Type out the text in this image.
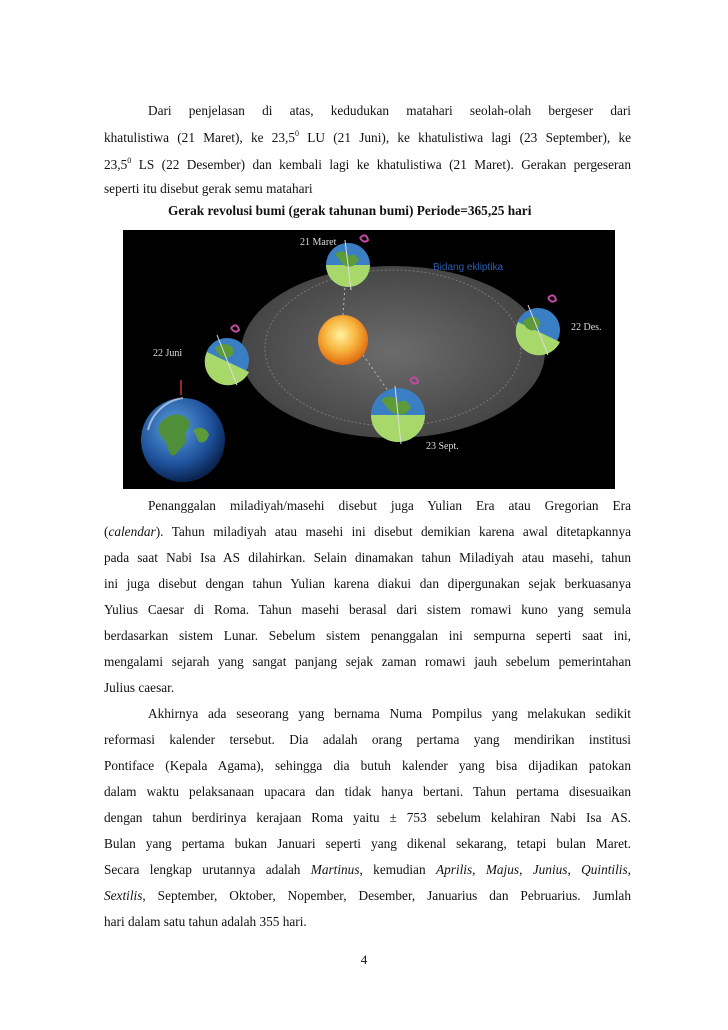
Dari penjelasan di atas, kedudukan matahari seolah-olah bergeser dari
khatulistiwa (21 Maret), ke 23,5$^0$ LU (21 Juni), ke khatulistiwa lagi (23 September), ke
23,5$^0$ LS (22 Desember) dan kembali lagi ke khatulistiwa (21 Maret). Gerakan pergeseran
seperti itu disebut gerak semu matahari
Gerak revolusi bumi (gerak tahunan bumi) Periode=365,25 hari
21 Maret
22 Juni
22 Des.
23 Sept.
Bidang ekliptika
Penanggalan miladiyah/masehi disebut juga Yulian Era atau Gregorian Era
(calendar). Tahun miladiyah atau masehi ini disebut demikian karena awal ditetapkannya
pada saat Nabi Isa AS dilahirkan. Selain dinamakan tahun Miladiyah atau masehi, tahun
ini juga disebut dengan tahun Yulian karena diakui dan dipergunakan sejak berkuasanya
Yulius Caesar di Roma. Tahun masehi berasal dari sistem romawi kuno yang semula
berdasarkan sistem Lunar. Sebelum sistem penanggalan ini sempurna seperti saat ini,
mengalami sejarah yang sangat panjang sejak zaman romawi jauh sebelum pemerintahan
Julius caesar.
Akhirnya ada seseorang yang bernama Numa Pompilus yang melakukan sedikit
reformasi kalender tersebut. Dia adalah orang pertama yang mendirikan institusi
Pontiface (Kepala Agama), sehingga dia butuh kalender yang bisa dijadikan patokan
dalam waktu pelaksanaan upacara dan tidak hanya bertani. Tahun pertama disesuaikan
dengan tahun berdirinya kerajaan Roma yaitu ± 753 sebelum kelahiran Nabi Isa AS.
Bulan yang pertama bukan Januari seperti yang dikenal sekarang, tetapi bulan Maret.
Secara lengkap urutannya adalah Martinus, kemudian Aprilis, Majus, Junius, Quintilis,
Sextilis, September, Oktober, Nopember, Desember, Januarius dan Pebruarius. Jumlah
hari dalam satu tahun adalah 355 hari.
4
